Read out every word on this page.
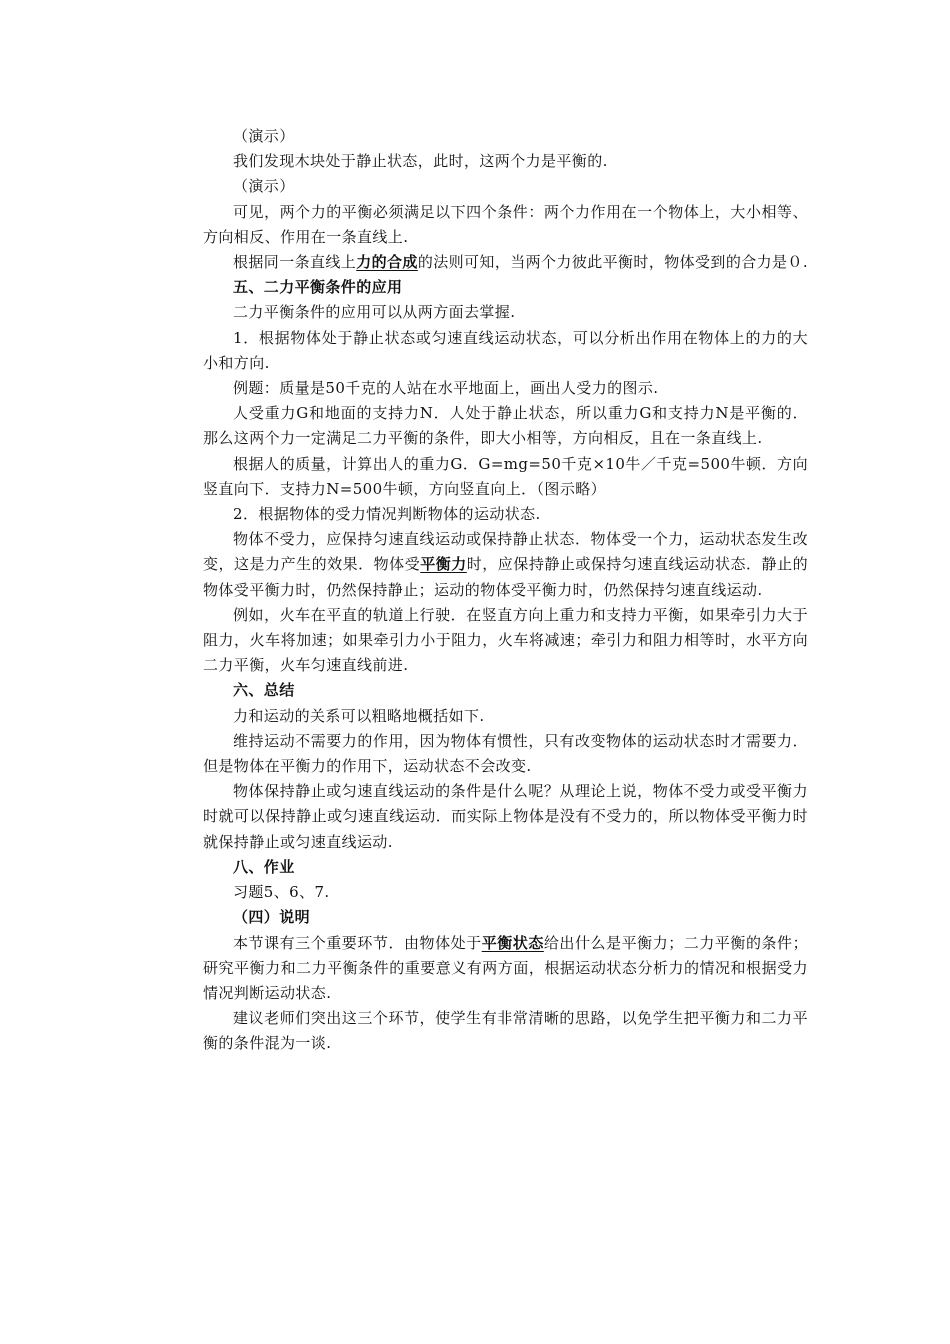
（演示）

我们发现木块处于静止状态，此时，这两个力是平衡的.

（演示）

可见，两个力的平衡必须满足以下四个条件：两个力作用在一个物体上，大小相等、方向相反、作用在一条直线上.

根据同一条直线上力的合成的法则可知，当两个力彼此平衡时，物体受到的合力是０.

五、二力平衡条件的应用

二力平衡条件的应用可以从两方面去掌握.

1．根据物体处于静止状态或匀速直线运动状态，可以分析出作用在物体上的力的大小和方向.

例题：质量是50千克的人站在水平地面上，画出人受力的图示.

人受重力G和地面的支持力N．人处于静止状态，所以重力G和支持力N是平衡的．那么这两个力一定满足二力平衡的条件，即大小相等，方向相反，且在一条直线上.

根据人的质量，计算出人的重力G．G=mg=50千克×10牛／千克=500牛顿．方向竖直向下．支持力N=500牛顿，方向竖直向上．（图示略）

2．根据物体的受力情况判断物体的运动状态.

物体不受力，应保持匀速直线运动或保持静止状态．物体受一个力，运动状态发生改变，这是力产生的效果．物体受平衡力时，应保持静止或保持匀速直线运动状态．静止的物体受平衡力时，仍然保持静止；运动的物体受平衡力时，仍然保持匀速直线运动.

例如，火车在平直的轨道上行驶．在竖直方向上重力和支持力平衡，如果牵引力大于阻力，火车将加速；如果牵引力小于阻力，火车将减速；牵引力和阻力相等时，水平方向二力平衡，火车匀速直线前进.

六、总结

力和运动的关系可以粗略地概括如下.

维持运动不需要力的作用，因为物体有惯性，只有改变物体的运动状态时才需要力．但是物体在平衡力的作用下，运动状态不会改变.

物体保持静止或匀速直线运动的条件是什么呢？从理论上说，物体不受力或受平衡力时就可以保持静止或匀速直线运动．而实际上物体是没有不受力的，所以物体受平衡力时就保持静止或匀速直线运动.

八、作业

习题5、6、7.

（四）说明

本节课有三个重要环节．由物体处于平衡状态给出什么是平衡力；二力平衡的条件；研究平衡力和二力平衡条件的重要意义有两方面，根据运动状态分析力的情况和根据受力情况判断运动状态.

建议老师们突出这三个环节，使学生有非常清晰的思路，以免学生把平衡力和二力平衡的条件混为一谈.
